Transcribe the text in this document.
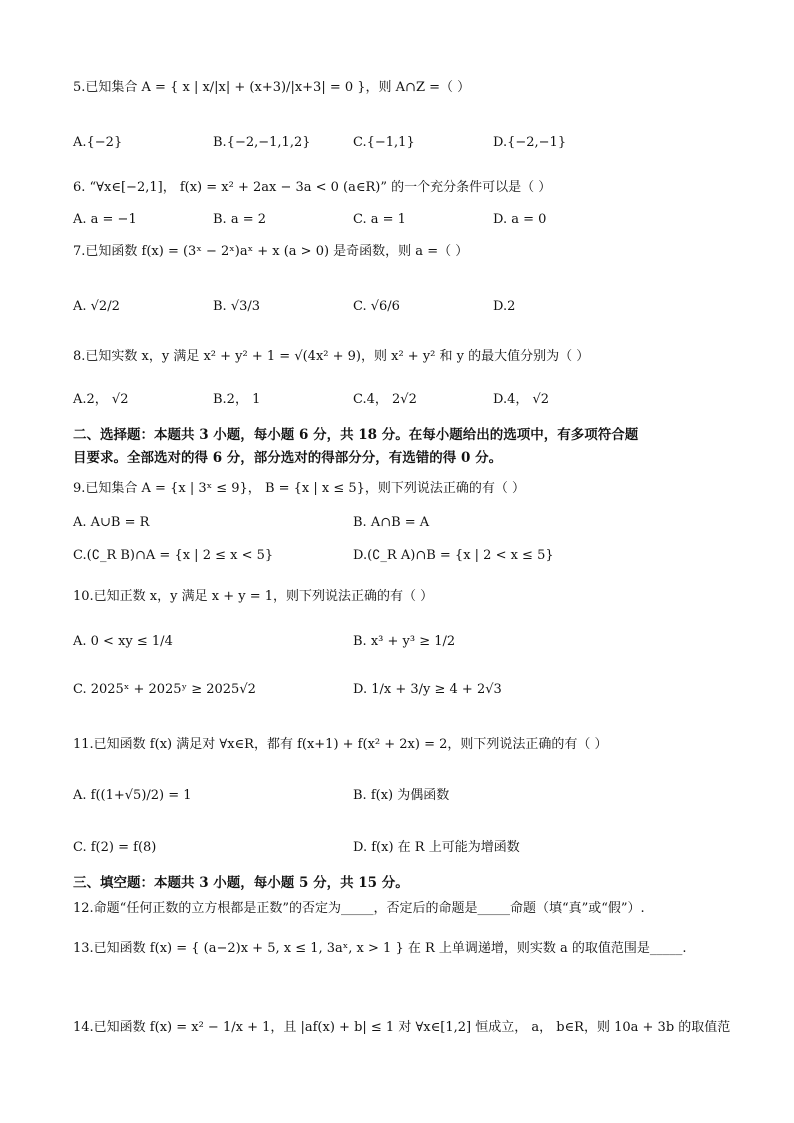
5.已知集合 A = { x | x/|x| + (x+3)/|x+3| = 0 }，则 A∩Z =（ ）
A.{−2}	B.{−2,−1,1,2}	C.{−1,1}	D.{−2,−1}
6. “∀x∈[−2,1]， f(x) = x² + 2ax − 3a < 0 (a∈R)” 的一个充分条件可以是（ ）
A. a = −1	B. a = 2	C. a = 1	D. a = 0
7.已知函数 f(x) = (3ˣ − 2ˣ)aˣ + x (a > 0) 是奇函数，则 a =（ ）
A. √2/2	B. √3/3	C. √6/6	D.2
8.已知实数 x，y 满足 x² + y² + 1 = √(4x² + 9)，则 x² + y² 和 y 的最大值分别为（ ）
A.2， √2	B.2， 1	C.4， 2√2	D.4， √2
二、选择题：本题共 3 小题，每小题 6 分，共 18 分。在每小题给出的选项中，有多项符合题
目要求。全部选对的得 6 分，部分选对的得部分分，有选错的得 0 分。
9.已知集合 A = {x | 3ˣ ≤ 9}， B = {x | x ≤ 5}，则下列说法正确的有（ ）
A. A∪B = R	B. A∩B = A
C.(∁_R B)∩A = {x | 2 ≤ x < 5}	D.(∁_R A)∩B = {x | 2 < x ≤ 5}
10.已知正数 x，y 满足 x + y = 1，则下列说法正确的有（ ）
A. 0 < xy ≤ 1/4	B. x³ + y³ ≥ 1/2
C. 2025ˣ + 2025ʸ ≥ 2025√2	D. 1/x + 3/y ≥ 4 + 2√3
11.已知函数 f(x) 满足对 ∀x∈R，都有 f(x+1) + f(x² + 2x) = 2，则下列说法正确的有（ ）
A. f((1+√5)/2) = 1	B. f(x) 为偶函数
C. f(2) = f(8)	D. f(x) 在 R 上可能为增函数
三、填空题：本题共 3 小题，每小题 5 分，共 15 分。
12.命题“任何正数的立方根都是正数”的否定为_____，否定后的命题是_____命题（填“真”或“假”）.
13.已知函数 f(x) = { (a−2)x + 5, x ≤ 1, 3aˣ, x > 1 } 在 R 上单调递增，则实数 a 的取值范围是_____.
14.已知函数 f(x) = x² − 1/x + 1，且 |af(x) + b| ≤ 1 对 ∀x∈[1,2] 恒成立， a， b∈R，则 10a + 3b 的取值范
